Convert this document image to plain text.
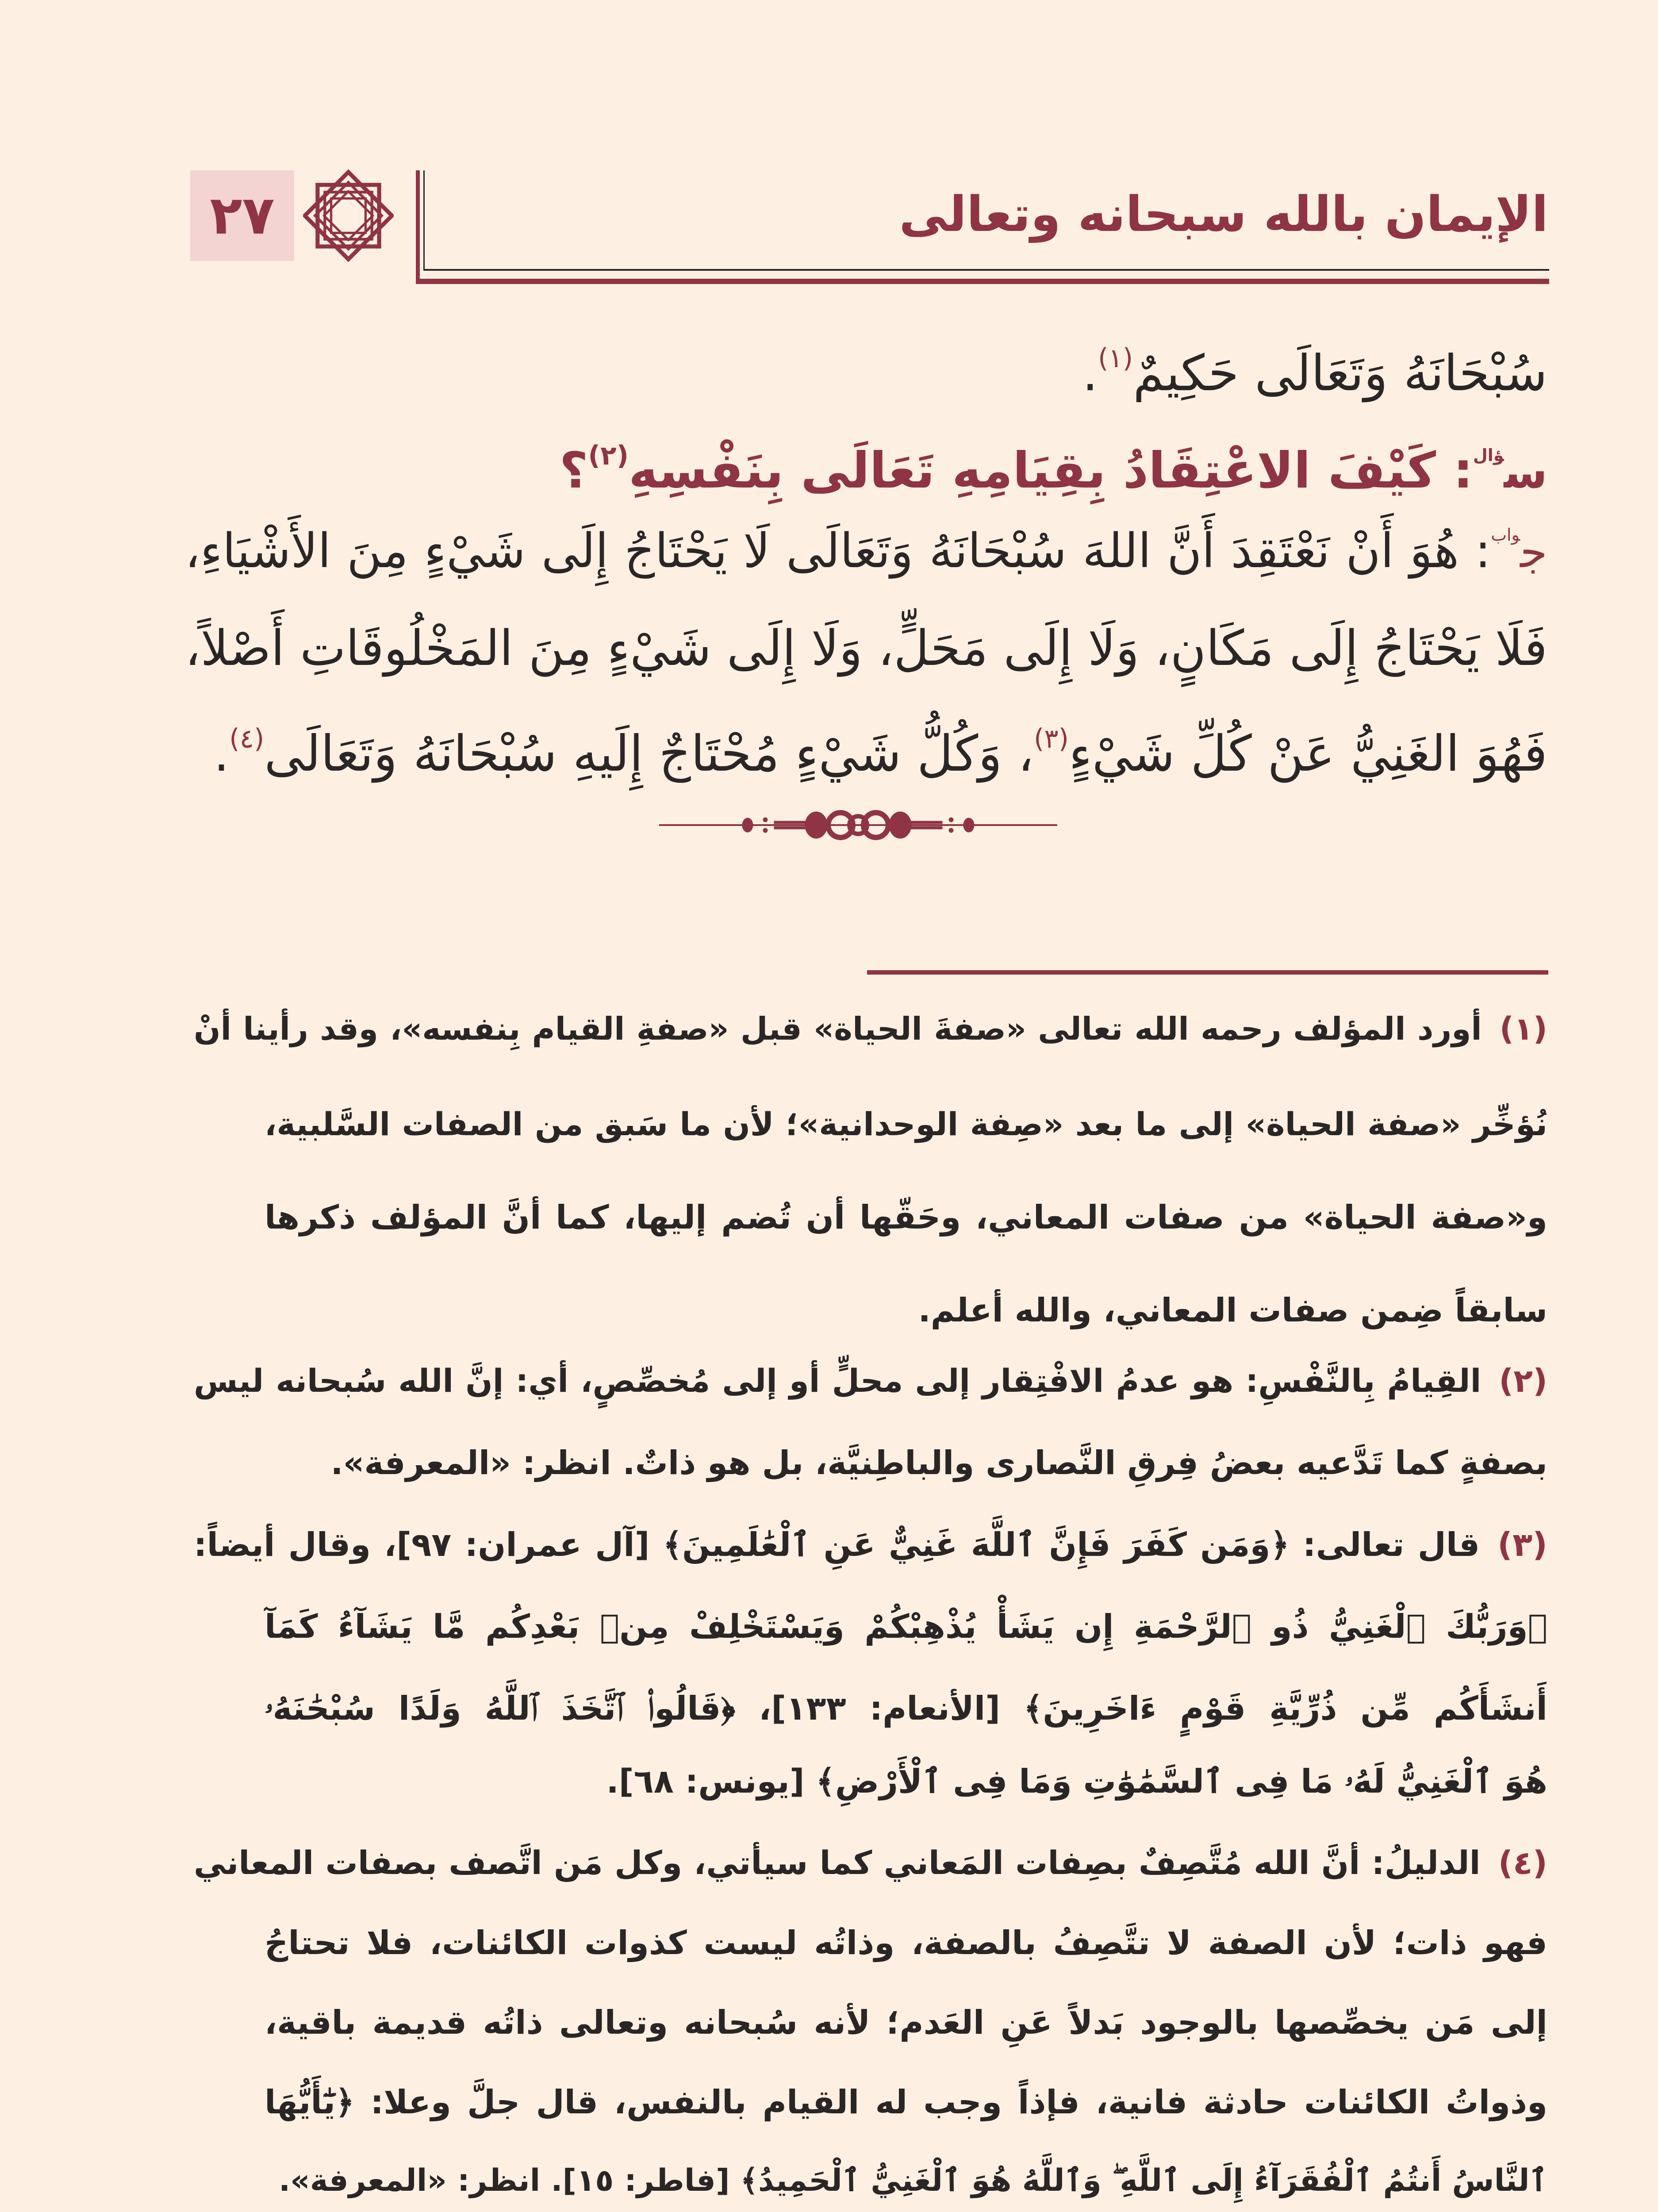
٢٧	الإيمان بالله سبحانه وتعالى
سُبْحَانَهُ وَتَعَالَى حَكِيمٌ$^{(١)}$.
س$^{ؤال}$: كَيْفَ الاعْتِقَادُ بِقِيَامِهِ تَعَالَى بِنَفْسِهِ$^{(٢)}$؟
ج$^{واب}$: هُوَ أَنْ نَعْتَقِدَ أَنَّ اللهَ سُبْحَانَهُ وَتَعَالَى لَا يَحْتَاجُ إِلَى شَيْءٍ مِنَ الأَشْيَاءِ،
فَلَا يَحْتَاجُ إِلَى مَكَانٍ، وَلَا إِلَى مَحَلٍّ، وَلَا إِلَى شَيْءٍ مِنَ المَخْلُوقَاتِ أَصْلاً،
فَهُوَ الغَنِيُّ عَنْ كُلِّ شَيْءٍ$^{(٣)}$، وَكُلُّ شَيْءٍ مُحْتَاجٌ إِلَيهِ سُبْحَانَهُ وَتَعَالَى$^{(٤)}$.
(١)أورد المؤلف رحمه الله تعالى «صفةَ الحياة» قبل «صفةِ القيام بِنفسه»، وقد رأينا أنْ
نُؤخِّر «صفة الحياة» إلى ما بعد «صِفة الوحدانية»؛ لأن ما سَبق من الصفات السَّلبية،
و«صفة الحياة» من صفات المعاني، وحَقّها أن تُضم إليها، كما أنَّ المؤلف ذكرها
سابقاً ضِمن صفات المعاني، والله أعلم.
(٢)القِيامُ بِالنَّفْسِ: هو عدمُ الافْتِقار إلى محلٍّ أو إلى مُخصِّصٍ، أي: إنَّ الله سُبحانه ليس
بصفةٍ كما تَدَّعيه بعضُ فِرقِ النَّصارى والباطِنيَّة، بل هو ذاتٌ. انظر: «المعرفة».
(٣)قال تعالى: ﴿وَمَن كَفَرَ فَإِنَّ ٱللَّهَ غَنِيٌّ عَنِ ٱلْعَٰلَمِينَ﴾ [آل عمران: ٩٧]، وقال أيضاً:
﴿وَرَبُّكَ ٱلْغَنِيُّ ذُو ٱلرَّحْمَةِ إِن يَشَأْ يُذْهِبْكُمْ وَيَسْتَخْلِفْ مِنۢ بَعْدِكُم مَّا يَشَآءُ كَمَآ
أَنشَأَكُم مِّن ذُرِّيَّةِ قَوْمٍ ءَاخَرِينَ﴾ [الأنعام: ١٣٣]، ﴿قَالُوا۟ ٱتَّخَذَ ٱللَّهُ وَلَدًا سُبْحَٰنَهُۥ
هُوَ ٱلْغَنِيُّ لَهُۥ مَا فِى ٱلسَّمَٰوَٰتِ وَمَا فِى ٱلْأَرْضِ﴾ [يونس: ٦٨].
(٤)الدليلُ: أنَّ الله مُتَّصِفٌ بصِفات المَعاني كما سيأتي، وكل مَن اتَّصف بصفات المعاني
فهو ذات؛ لأن الصفة لا تتَّصِفُ بالصفة، وذاتُه ليست كذوات الكائنات، فلا تحتاجُ
إلى مَن يخصِّصها بالوجود بَدلاً عَنِ العَدم؛ لأنه سُبحانه وتعالى ذاتُه قديمة باقية،
وذواتُ الكائنات حادثة فانية، فإذاً وجب له القيام بالنفس، قال جلَّ وعلا: ﴿يَٰٓأَيُّهَا
ٱلنَّاسُ أَنتُمُ ٱلْفُقَرَآءُ إِلَى ٱللَّهِ ۖ وَٱللَّهُ هُوَ ٱلْغَنِيُّ ٱلْحَمِيدُ﴾ [فاطر: ١٥]. انظر: «المعرفة».
